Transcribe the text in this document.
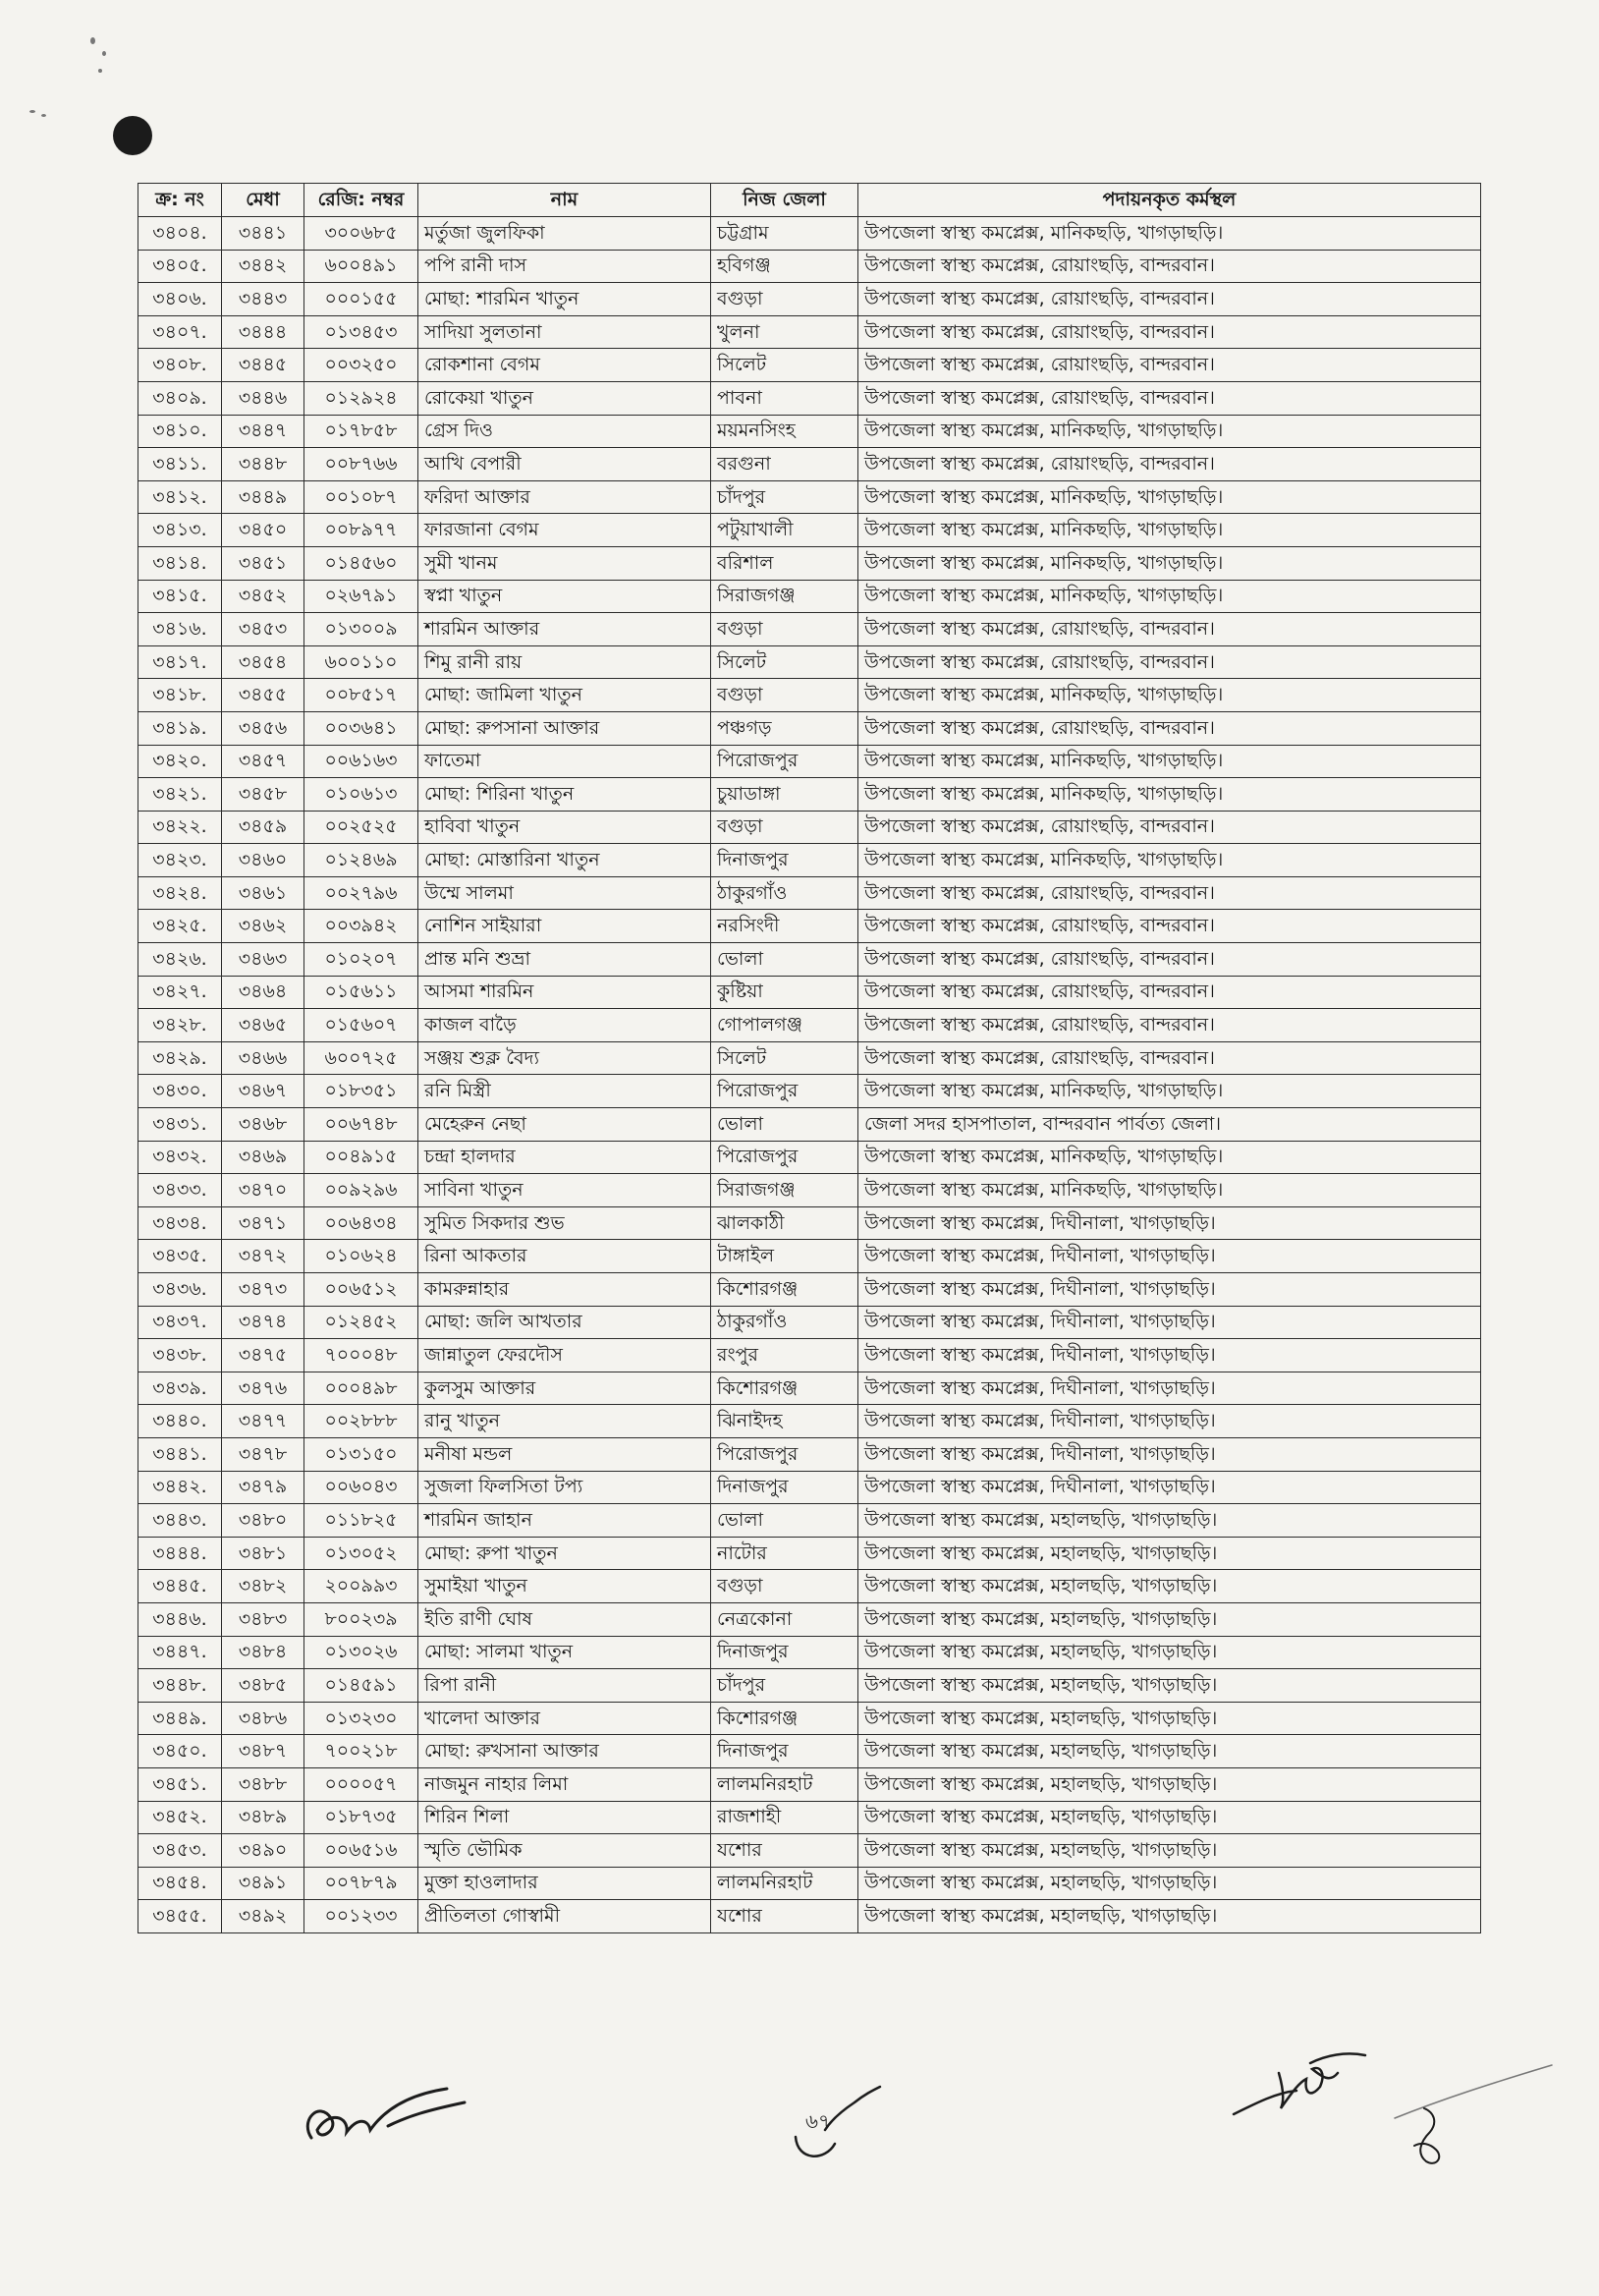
ক্র: নং	মেধা	রেজি: নম্বর	নাম	নিজ জেলা	পদায়নকৃত কর্মস্থল
৩৪০৪.	৩৪৪১	৩০০৬৮৫	মর্তুজা জুলফিকা	চট্টগ্রাম	উপজেলা স্বাস্থ্য কমপ্লেক্স, মানিকছড়ি, খাগড়াছড়ি।
৩৪০৫.	৩৪৪২	৬০০৪৯১	পপি রানী দাস	হবিগঞ্জ	উপজেলা স্বাস্থ্য কমপ্লেক্স, রোয়াংছড়ি, বান্দরবান।
৩৪০৬.	৩৪৪৩	০০০১৫৫	মোছা: শারমিন খাতুন	বগুড়া	উপজেলা স্বাস্থ্য কমপ্লেক্স, রোয়াংছড়ি, বান্দরবান।
৩৪০৭.	৩৪৪৪	০১৩৪৫৩	সাদিয়া সুলতানা	খুলনা	উপজেলা স্বাস্থ্য কমপ্লেক্স, রোয়াংছড়ি, বান্দরবান।
৩৪০৮.	৩৪৪৫	০০৩২৫০	রোকশানা বেগম	সিলেট	উপজেলা স্বাস্থ্য কমপ্লেক্স, রোয়াংছড়ি, বান্দরবান।
৩৪০৯.	৩৪৪৬	০১২৯২৪	রোকেয়া খাতুন	পাবনা	উপজেলা স্বাস্থ্য কমপ্লেক্স, রোয়াংছড়ি, বান্দরবান।
৩৪১০.	৩৪৪৭	০১৭৮৫৮	গ্রেস দিও	ময়মনসিংহ	উপজেলা স্বাস্থ্য কমপ্লেক্স, মানিকছড়ি, খাগড়াছড়ি।
৩৪১১.	৩৪৪৮	০০৮৭৬৬	আখি বেপারী	বরগুনা	উপজেলা স্বাস্থ্য কমপ্লেক্স, রোয়াংছড়ি, বান্দরবান।
৩৪১২.	৩৪৪৯	০০১০৮৭	ফরিদা আক্তার	চাঁদপুর	উপজেলা স্বাস্থ্য কমপ্লেক্স, মানিকছড়ি, খাগড়াছড়ি।
৩৪১৩.	৩৪৫০	০০৮৯৭৭	ফারজানা বেগম	পটুয়াখালী	উপজেলা স্বাস্থ্য কমপ্লেক্স, মানিকছড়ি, খাগড়াছড়ি।
৩৪১৪.	৩৪৫১	০১৪৫৬০	সুমী খানম	বরিশাল	উপজেলা স্বাস্থ্য কমপ্লেক্স, মানিকছড়ি, খাগড়াছড়ি।
৩৪১৫.	৩৪৫২	০২৬৭৯১	স্বপ্না খাতুন	সিরাজগঞ্জ	উপজেলা স্বাস্থ্য কমপ্লেক্স, মানিকছড়ি, খাগড়াছড়ি।
৩৪১৬.	৩৪৫৩	০১৩০০৯	শারমিন আক্তার	বগুড়া	উপজেলা স্বাস্থ্য কমপ্লেক্স, রোয়াংছড়ি, বান্দরবান।
৩৪১৭.	৩৪৫৪	৬০০১১০	শিমু রানী রায়	সিলেট	উপজেলা স্বাস্থ্য কমপ্লেক্স, রোয়াংছড়ি, বান্দরবান।
৩৪১৮.	৩৪৫৫	০০৮৫১৭	মোছা: জামিলা খাতুন	বগুড়া	উপজেলা স্বাস্থ্য কমপ্লেক্স, মানিকছড়ি, খাগড়াছড়ি।
৩৪১৯.	৩৪৫৬	০০৩৬৪১	মোছা: রুপসানা আক্তার	পঞ্চগড়	উপজেলা স্বাস্থ্য কমপ্লেক্স, রোয়াংছড়ি, বান্দরবান।
৩৪২০.	৩৪৫৭	০০৬১৬৩	ফাতেমা	পিরোজপুর	উপজেলা স্বাস্থ্য কমপ্লেক্স, মানিকছড়ি, খাগড়াছড়ি।
৩৪২১.	৩৪৫৮	০১০৬১৩	মোছা: শিরিনা খাতুন	চুয়াডাঙ্গা	উপজেলা স্বাস্থ্য কমপ্লেক্স, মানিকছড়ি, খাগড়াছড়ি।
৩৪২২.	৩৪৫৯	০০২৫২৫	হাবিবা খাতুন	বগুড়া	উপজেলা স্বাস্থ্য কমপ্লেক্স, রোয়াংছড়ি, বান্দরবান।
৩৪২৩.	৩৪৬০	০১২৪৬৯	মোছা: মোস্তারিনা খাতুন	দিনাজপুর	উপজেলা স্বাস্থ্য কমপ্লেক্স, মানিকছড়ি, খাগড়াছড়ি।
৩৪২৪.	৩৪৬১	০০২৭৯৬	উম্মে সালমা	ঠাকুরগাঁও	উপজেলা স্বাস্থ্য কমপ্লেক্স, রোয়াংছড়ি, বান্দরবান।
৩৪২৫.	৩৪৬২	০০৩৯৪২	নোশিন সাইয়ারা	নরসিংদী	উপজেলা স্বাস্থ্য কমপ্লেক্স, রোয়াংছড়ি, বান্দরবান।
৩৪২৬.	৩৪৬৩	০১০২০৭	প্রান্ত মনি শুভ্রা	ভোলা	উপজেলা স্বাস্থ্য কমপ্লেক্স, রোয়াংছড়ি, বান্দরবান।
৩৪২৭.	৩৪৬৪	০১৫৬১১	আসমা শারমিন	কুষ্টিয়া	উপজেলা স্বাস্থ্য কমপ্লেক্স, রোয়াংছড়ি, বান্দরবান।
৩৪২৮.	৩৪৬৫	০১৫৬০৭	কাজল বাড়ৈ	গোপালগঞ্জ	উপজেলা স্বাস্থ্য কমপ্লেক্স, রোয়াংছড়ি, বান্দরবান।
৩৪২৯.	৩৪৬৬	৬০০৭২৫	সঞ্জয় শুক্ল বৈদ্য	সিলেট	উপজেলা স্বাস্থ্য কমপ্লেক্স, রোয়াংছড়ি, বান্দরবান।
৩৪৩০.	৩৪৬৭	০১৮৩৫১	রনি মিস্ত্রী	পিরোজপুর	উপজেলা স্বাস্থ্য কমপ্লেক্স, মানিকছড়ি, খাগড়াছড়ি।
৩৪৩১.	৩৪৬৮	০০৬৭৪৮	মেহেরুন নেছা	ভোলা	জেলা সদর হাসপাতাল, বান্দরবান পার্বত্য জেলা।
৩৪৩২.	৩৪৬৯	০০৪৯১৫	চন্দ্রা হালদার	পিরোজপুর	উপজেলা স্বাস্থ্য কমপ্লেক্স, মানিকছড়ি, খাগড়াছড়ি।
৩৪৩৩.	৩৪৭০	০০৯২৯৬	সাবিনা খাতুন	সিরাজগঞ্জ	উপজেলা স্বাস্থ্য কমপ্লেক্স, মানিকছড়ি, খাগড়াছড়ি।
৩৪৩৪.	৩৪৭১	০০৬৪৩৪	সুমিত সিকদার শুভ	ঝালকাঠী	উপজেলা স্বাস্থ্য কমপ্লেক্স, দিঘীনালা, খাগড়াছড়ি।
৩৪৩৫.	৩৪৭২	০১০৬২৪	রিনা আকতার	টাঙ্গাইল	উপজেলা স্বাস্থ্য কমপ্লেক্স, দিঘীনালা, খাগড়াছড়ি।
৩৪৩৬.	৩৪৭৩	০০৬৫১২	কামরুন্নাহার	কিশোরগঞ্জ	উপজেলা স্বাস্থ্য কমপ্লেক্স, দিঘীনালা, খাগড়াছড়ি।
৩৪৩৭.	৩৪৭৪	০১২৪৫২	মোছা: জলি আখতার	ঠাকুরগাঁও	উপজেলা স্বাস্থ্য কমপ্লেক্স, দিঘীনালা, খাগড়াছড়ি।
৩৪৩৮.	৩৪৭৫	৭০০০৪৮	জান্নাতুল ফেরদৌস	রংপুর	উপজেলা স্বাস্থ্য কমপ্লেক্স, দিঘীনালা, খাগড়াছড়ি।
৩৪৩৯.	৩৪৭৬	০০০৪৯৮	কুলসুম আক্তার	কিশোরগঞ্জ	উপজেলা স্বাস্থ্য কমপ্লেক্স, দিঘীনালা, খাগড়াছড়ি।
৩৪৪০.	৩৪৭৭	০০২৮৮৮	রানু খাতুন	ঝিনাইদহ	উপজেলা স্বাস্থ্য কমপ্লেক্স, দিঘীনালা, খাগড়াছড়ি।
৩৪৪১.	৩৪৭৮	০১৩১৫০	মনীষা মন্ডল	পিরোজপুর	উপজেলা স্বাস্থ্য কমপ্লেক্স, দিঘীনালা, খাগড়াছড়ি।
৩৪৪২.	৩৪৭৯	০০৬০৪৩	সুজলা ফিলসিতা টপ্য	দিনাজপুর	উপজেলা স্বাস্থ্য কমপ্লেক্স, দিঘীনালা, খাগড়াছড়ি।
৩৪৪৩.	৩৪৮০	০১১৮২৫	শারমিন জাহান	ভোলা	উপজেলা স্বাস্থ্য কমপ্লেক্স, মহালছড়ি, খাগড়াছড়ি।
৩৪৪৪.	৩৪৮১	০১৩০৫২	মোছা: রুপা খাতুন	নাটোর	উপজেলা স্বাস্থ্য কমপ্লেক্স, মহালছড়ি, খাগড়াছড়ি।
৩৪৪৫.	৩৪৮২	২০০৯৯৩	সুমাইয়া খাতুন	বগুড়া	উপজেলা স্বাস্থ্য কমপ্লেক্স, মহালছড়ি, খাগড়াছড়ি।
৩৪৪৬.	৩৪৮৩	৮০০২৩৯	ইতি রাণী ঘোষ	নেত্রকোনা	উপজেলা স্বাস্থ্য কমপ্লেক্স, মহালছড়ি, খাগড়াছড়ি।
৩৪৪৭.	৩৪৮৪	০১৩০২৬	মোছা: সালমা খাতুন	দিনাজপুর	উপজেলা স্বাস্থ্য কমপ্লেক্স, মহালছড়ি, খাগড়াছড়ি।
৩৪৪৮.	৩৪৮৫	০১৪৫৯১	রিপা রানী	চাঁদপুর	উপজেলা স্বাস্থ্য কমপ্লেক্স, মহালছড়ি, খাগড়াছড়ি।
৩৪৪৯.	৩৪৮৬	০১৩২৩০	খালেদা আক্তার	কিশোরগঞ্জ	উপজেলা স্বাস্থ্য কমপ্লেক্স, মহালছড়ি, খাগড়াছড়ি।
৩৪৫০.	৩৪৮৭	৭০০২১৮	মোছা: রুখসানা আক্তার	দিনাজপুর	উপজেলা স্বাস্থ্য কমপ্লেক্স, মহালছড়ি, খাগড়াছড়ি।
৩৪৫১.	৩৪৮৮	০০০০৫৭	নাজমুন নাহার লিমা	লালমনিরহাট	উপজেলা স্বাস্থ্য কমপ্লেক্স, মহালছড়ি, খাগড়াছড়ি।
৩৪৫২.	৩৪৮৯	০১৮৭৩৫	শিরিন শিলা	রাজশাহী	উপজেলা স্বাস্থ্য কমপ্লেক্স, মহালছড়ি, খাগড়াছড়ি।
৩৪৫৩.	৩৪৯০	০০৬৫১৬	স্মৃতি ভৌমিক	যশোর	উপজেলা স্বাস্থ্য কমপ্লেক্স, মহালছড়ি, খাগড়াছড়ি।
৩৪৫৪.	৩৪৯১	০০৭৮৭৯	মুক্তা হাওলাদার	লালমনিরহাট	উপজেলা স্বাস্থ্য কমপ্লেক্স, মহালছড়ি, খাগড়াছড়ি।
৩৪৫৫.	৩৪৯২	০০১২৩৩	প্রীতিলতা গোস্বামী	যশোর	উপজেলা স্বাস্থ্য কমপ্লেক্স, মহালছড়ি, খাগড়াছড়ি।
৬৭
